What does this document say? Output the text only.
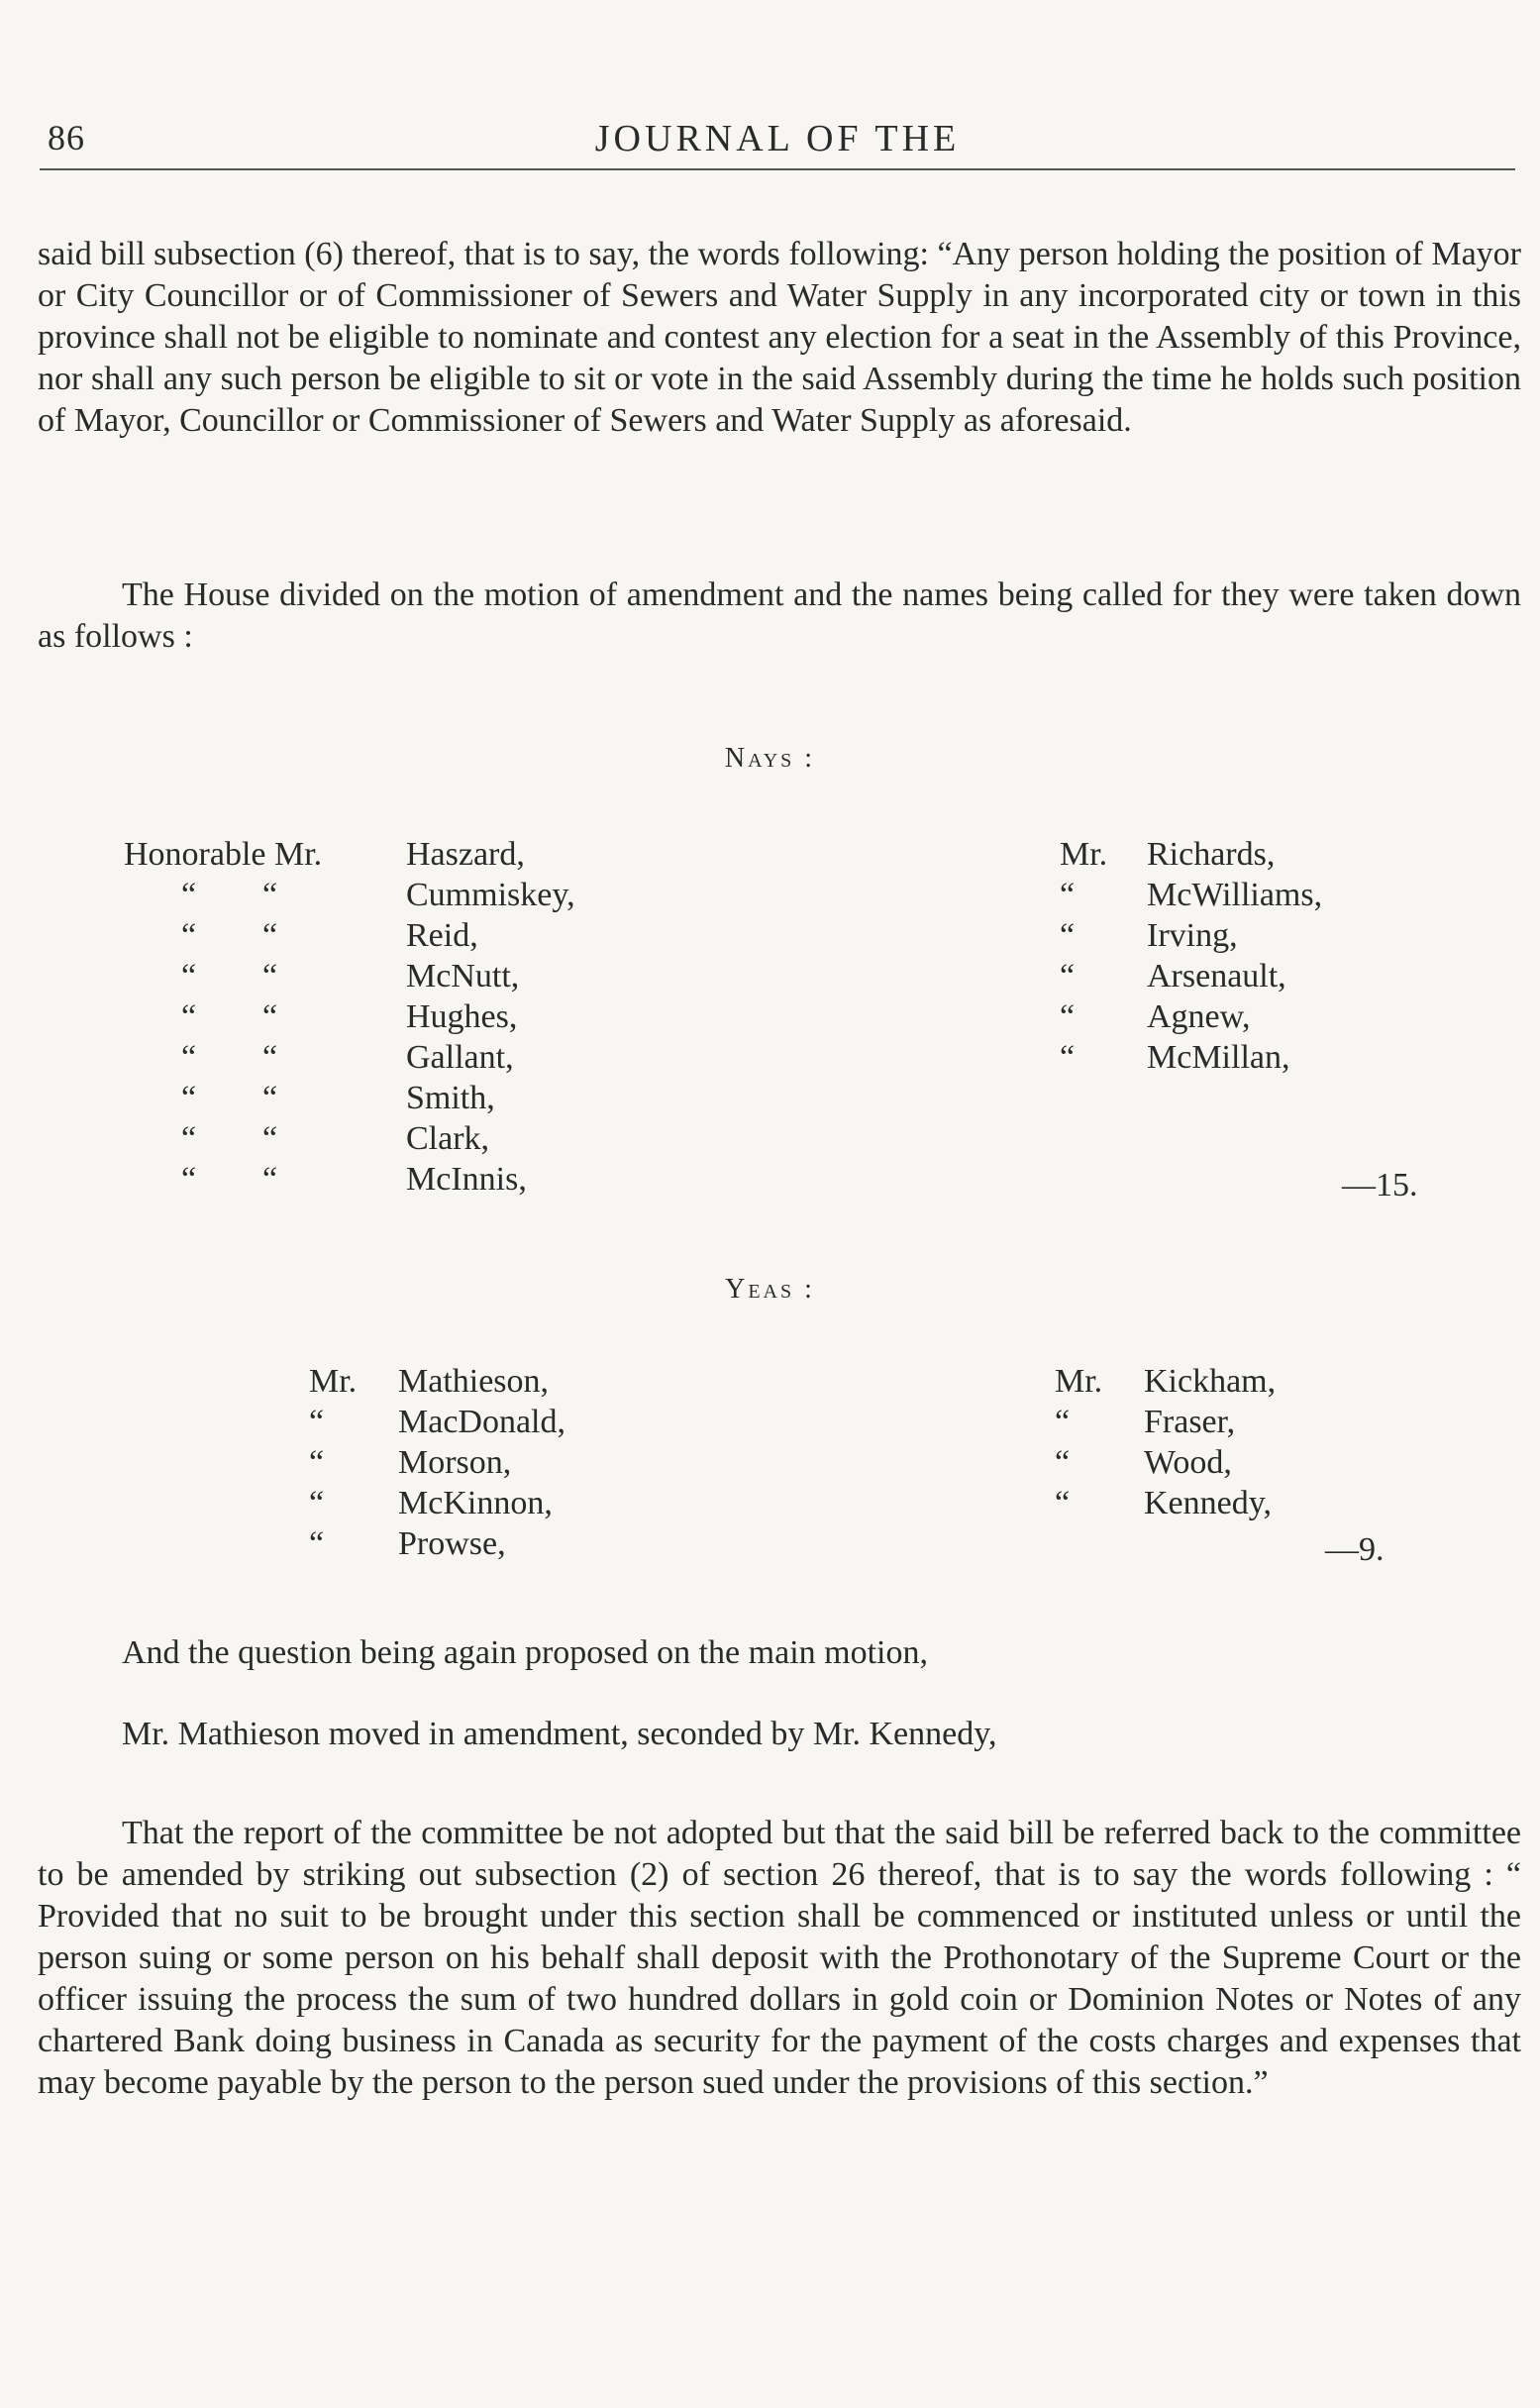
86	JOURNAL OF THE

said bill subsection (6) thereof, that is to say, the words following: “Any person holding the position of Mayor or City Councillor or of Commissioner of Sewers and Water Supply in any incorporated city or town in this province shall not be eligible to nominate and contest any election for a seat in the Assembly of this Province, nor shall any such person be eligible to sit or vote in the said Assembly during the time he holds such position of Mayor, Councillor or Commissioner of Sewers and Water Supply as aforesaid.

The House divided on the motion of amendment and the names being called for they were taken down as follows :

Nays :
Honorable Mr.	Haszard,
“	“	Cummiskey,
“	“	Reid,
“	“	McNutt,
“	“	Hughes,
“	“	Gallant,
“	“	Smith,
“	“	Clark,
“	“	McInnis,
Mr.	Richards,
“	McWilliams,
“	Irving,
“	Arsenault,
“	Agnew,
“	McMillan,
—15.
Yeas :
Mr.	Mathieson,
“	MacDonald,
“	Morson,
“	McKinnon,
“	Prowse,
Mr.	Kickham,
“	Fraser,
“	Wood,
“	Kennedy,
—9.

And the question being again proposed on the main motion,

Mr. Mathieson moved in amendment, seconded by Mr. Kennedy,

That the report of the committee be not adopted but that the said bill be referred back to the committee to be amended by striking out subsection (2) of section 26 thereof, that is to say the words following : “ Provided that no suit to be brought under this section shall be commenced or instituted unless or until the person suing or some person on his behalf shall deposit with the Prothonotary of the Supreme Court or the officer issuing the process the sum of two hundred dollars in gold coin or Dominion Notes or Notes of any chartered Bank doing business in Canada as security for the payment of the costs charges and expenses that may become payable by the person to the person sued under the provisions of this section.”
